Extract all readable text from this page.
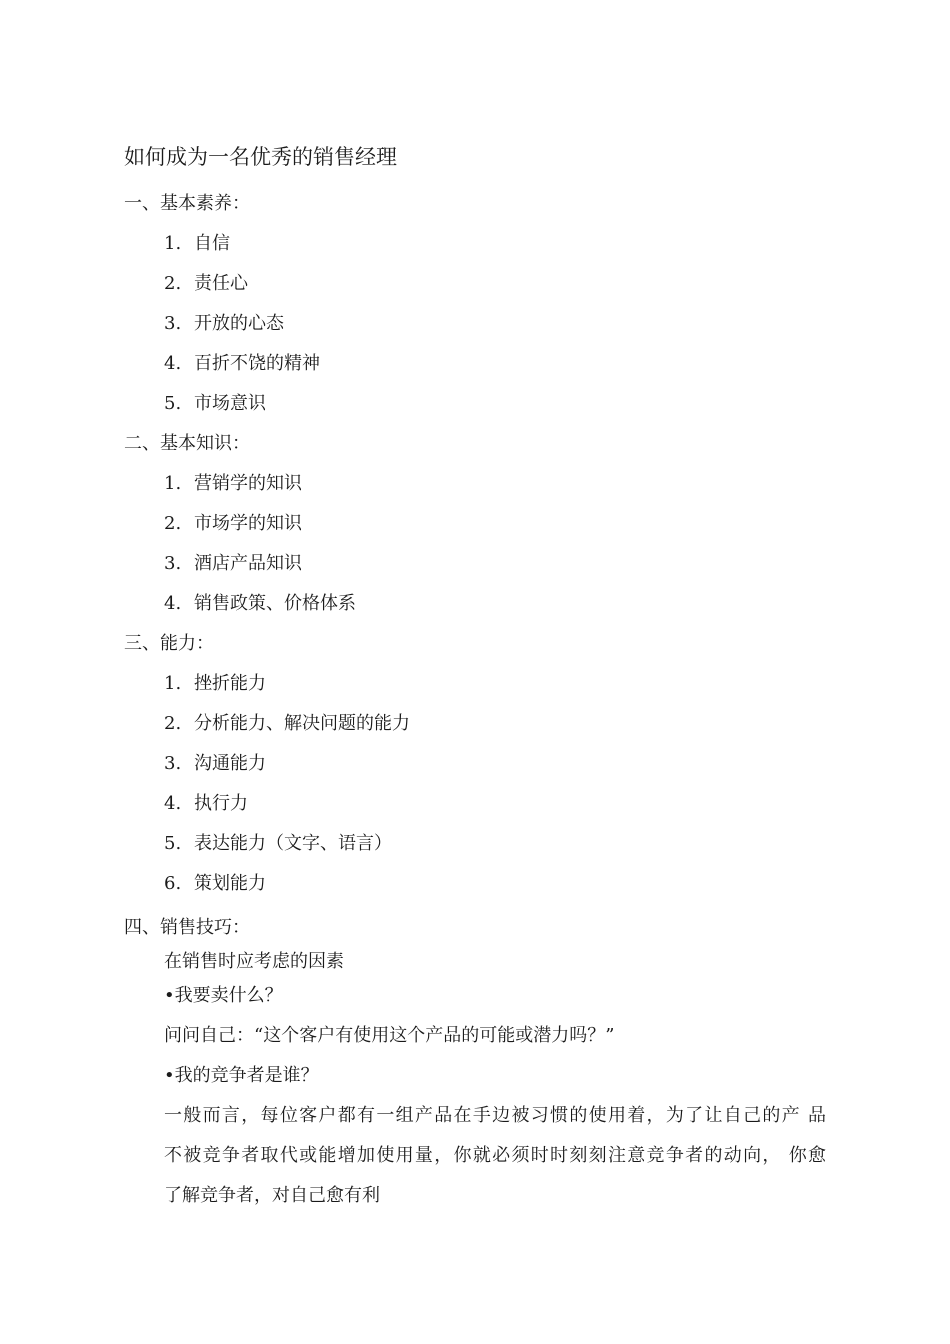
如何成为一名优秀的销售经理
一、基本素养：
1. 自信
2. 责任心
3. 开放的心态
4. 百折不饶的精神
5. 市场意识
二、基本知识：
1. 营销学的知识
2. 市场学的知识
3. 酒店产品知识
4. 销售政策、价格体系
三、能力：
1. 挫折能力
2. 分析能力、解决问题的能力
3. 沟通能力
4. 执行力
5. 表达能力（文字、语言）
6. 策划能力
四、销售技巧：
在销售时应考虑的因素
•我要卖什么？
问问自己：“这个客户有使用这个产品的可能或潜力吗？”
•我的竞争者是谁？
一般而言，每位客户都有一组产品在手边被习惯的使用着，为了让自己的产 品
不被竞争者取代或能增加使用量，你就必须时时刻刻注意竞争者的动向， 你愈
了解竞争者，对自己愈有利
